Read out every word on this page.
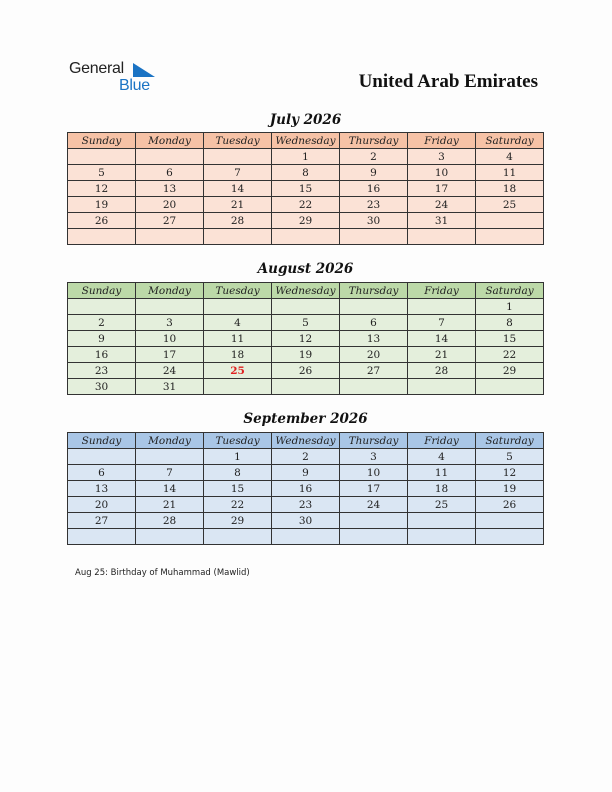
General
Blue	United Arab Emirates
July 2026
Sunday	Monday	Tuesday	Wednesday	Thursday	Friday	Saturday
			1	2	3	4
5	6	7	8	9	10	11
12	13	14	15	16	17	18
19	20	21	22	23	24	25
26	27	28	29	30	31	

August 2026
Sunday	Monday	Tuesday	Wednesday	Thursday	Friday	Saturday
						1
2	3	4	5	6	7	8
9	10	11	12	13	14	15
16	17	18	19	20	21	22
23	24	25	26	27	28	29
30	31					
September 2026
Sunday	Monday	Tuesday	Wednesday	Thursday	Friday	Saturday
		1	2	3	4	5
6	7	8	9	10	11	12
13	14	15	16	17	18	19
20	21	22	23	24	25	26
27	28	29	30			

Aug 25: Birthday of Muhammad (Mawlid)
